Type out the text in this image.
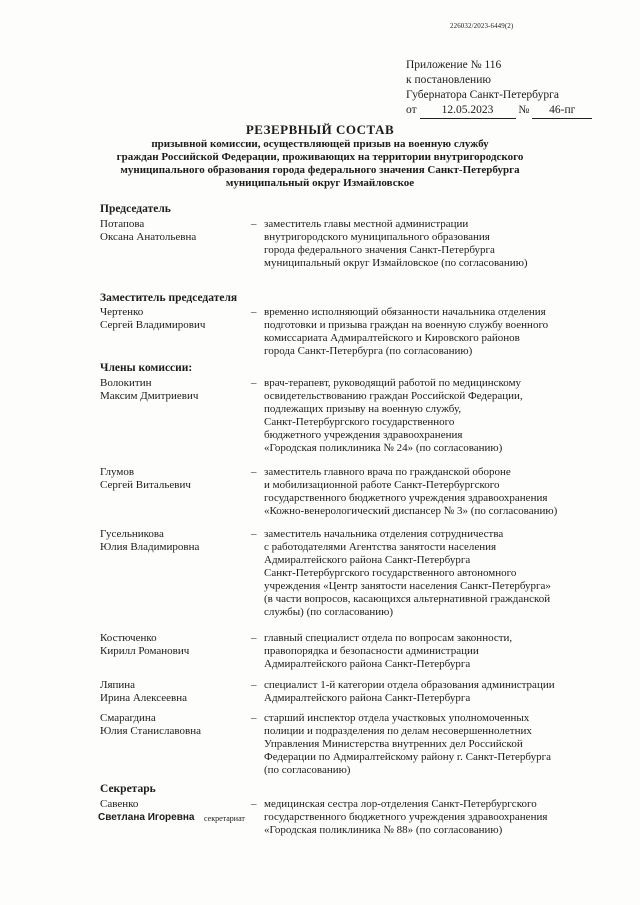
226032/2023-6449(2)
Приложение № 116
к постановлению
Губернатора Санкт-Петербурга
от 12.05.2023 № 46-пг
РЕЗЕРВНЫЙ СОСТАВ
призывной комиссии, осуществляющей призыв на военную службу
граждан Российской Федерации, проживающих на территории внутригородского
муниципального образования города федерального значения Санкт-Петербурга
муниципальный округ Измайловское
Председатель
Потапова
Оксана Анатольевна
– заместитель главы местной администрации
внутригородского муниципального образования
города федерального значения Санкт-Петербурга
муниципальный округ Измайловское (по согласованию)
Заместитель председателя
Чертенко
Сергей Владимирович
– временно исполняющий обязанности начальника отделения
подготовки и призыва граждан на военную службу военного
комиссариата Адмиралтейского и Кировского районов
города Санкт-Петербурга (по согласованию)
Члены комиссии:
Волокитин
Максим Дмитриевич
– врач-терапевт, руководящий работой по медицинскому
освидетельствованию граждан Российской Федерации,
подлежащих призыву на военную службу,
Санкт-Петербургского государственного
бюджетного учреждения здравоохранения
«Городская поликлиника № 24» (по согласованию)
Глумов
Сергей Витальевич
– заместитель главного врача по гражданской обороне
и мобилизационной работе Санкт-Петербургского
государственного бюджетного учреждения здравоохранения
«Кожно-венерологический диспансер № 3» (по согласованию)
Гусельникова
Юлия Владимировна
– заместитель начальника отделения сотрудничества
с работодателями Агентства занятости населения
Адмиралтейского района Санкт-Петербурга
Санкт-Петербургского государственного автономного
учреждения «Центр занятости населения Санкт-Петербурга»
(в части вопросов, касающихся альтернативной гражданской
службы) (по согласованию)
Костюченко
Кирилл Романович
– главный специалист отдела по вопросам законности,
правопорядка и безопасности администрации
Адмиралтейского района Санкт-Петербурга
Ляпина
Ирина Алексеевна
– специалист 1-й категории отдела образования администрации
Адмиралтейского района Санкт-Петербурга
Смарагдина
Юлия Станиславовна
– старший инспектор отдела участковых уполномоченных
полиции и подразделения по делам несовершеннолетних
Управления Министерства внутренних дел Российской
Федерации по Адмиралтейскому району г. Санкт-Петербурга
(по согласованию)
Секретарь
Савенко	– медицинская сестра лор-отделения Санкт-Петербургского
государственного бюджетного учреждения здравоохранения
«Городская поликлиника № 88» (по согласованию)
Светлана Игоревна секретариат
